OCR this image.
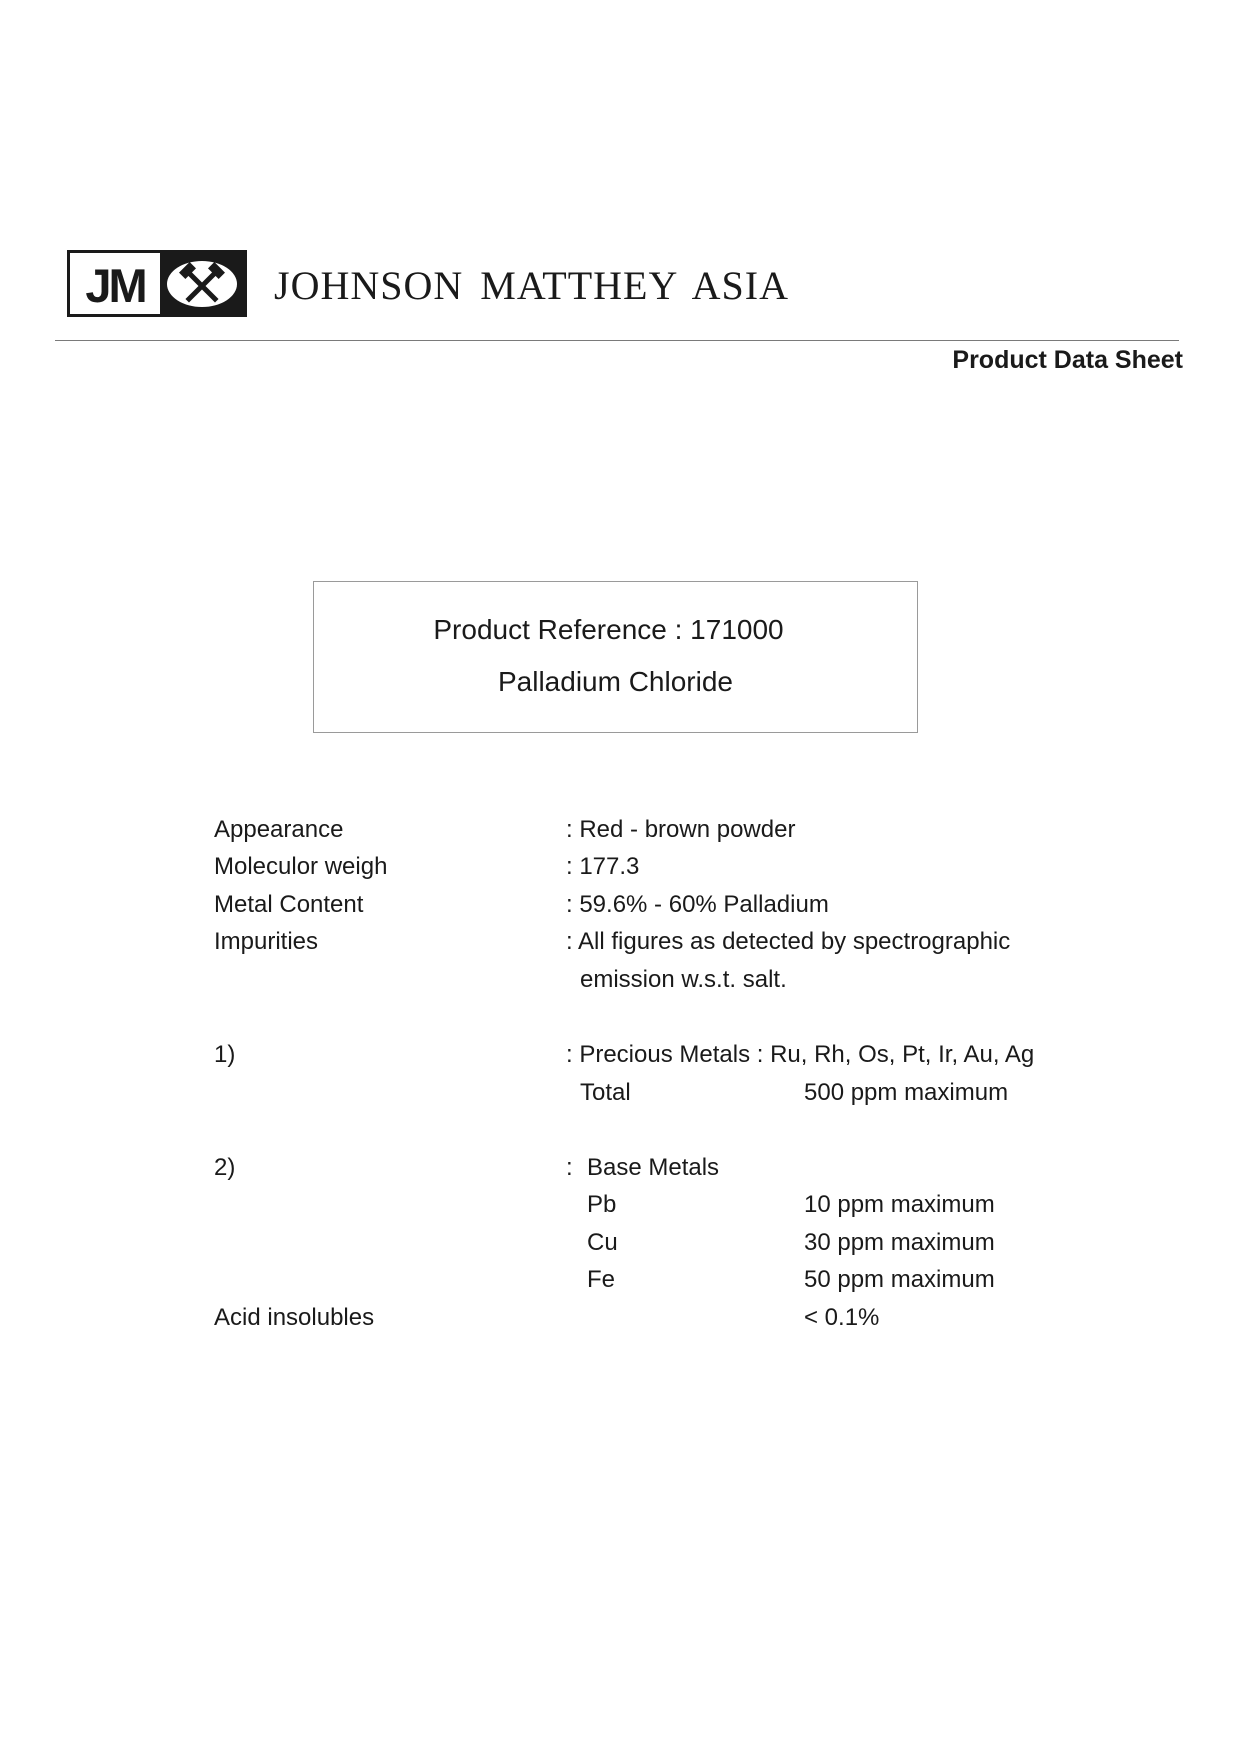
JM	JOHNSON MATTHEY ASIA
Product Data Sheet
Product Reference : 171000
Palladium Chloride
Appearance	: Red - brown powder
Moleculor weigh	: 177.3
Metal Content	: 59.6% - 60% Palladium
Impurities	: All figures as detected by spectrographic
emission w.s.t. salt.
1)	: Precious Metals : Ru, Rh, Os, Pt, Ir, Au, Ag
Total	500 ppm maximum
2)	: Base Metals
Pb	10 ppm maximum
Cu	30 ppm maximum
Fe	50 ppm maximum
Acid insolubles	< 0.1%
